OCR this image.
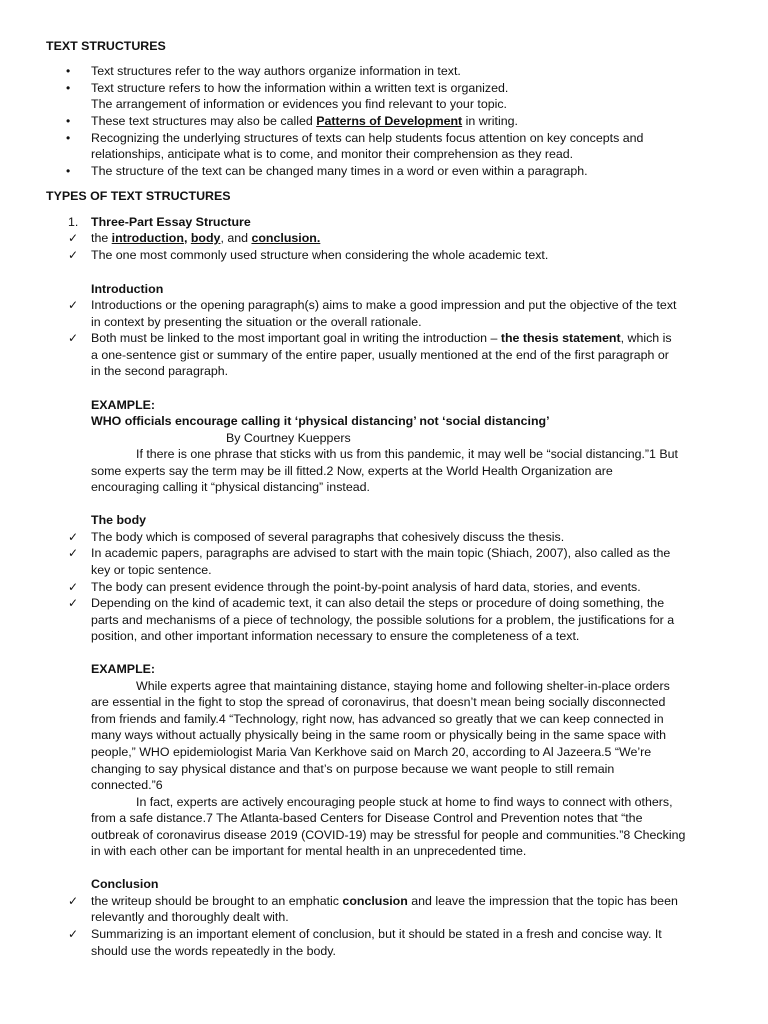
TEXT STRUCTURES
• Text structures refer to the way authors organize information in text.
• Text structure refers to how the information within a written text is organized.
The arrangement of information or evidences you find relevant to your topic.
• These text structures may also be called Patterns of Development in writing.
• Recognizing the underlying structures of texts can help students focus attention on key concepts and
relationships, anticipate what is to come, and monitor their comprehension as they read.
• The structure of the text can be changed many times in a word or even within a paragraph.
TYPES OF TEXT STRUCTURES
1. Three-Part Essay Structure
✓ the introduction, body, and conclusion.
✓ The one most commonly used structure when considering the whole academic text.
Introduction
✓ Introductions or the opening paragraph(s) aims to make a good impression and put the objective of the text
in context by presenting the situation or the overall rationale.
✓ Both must be linked to the most important goal in writing the introduction – the thesis statement, which is
a one-sentence gist or summary of the entire paper, usually mentioned at the end of the first paragraph or
in the second paragraph.
EXAMPLE:
WHO officials encourage calling it ‘physical distancing’ not ‘social distancing’
By Courtney Kueppers
If there is one phrase that sticks with us from this pandemic, it may well be “social distancing.”1 But
some experts say the term may be ill fitted.2 Now, experts at the World Health Organization are
encouraging calling it “physical distancing” instead.
The body
✓ The body which is composed of several paragraphs that cohesively discuss the thesis.
✓ In academic papers, paragraphs are advised to start with the main topic (Shiach, 2007), also called as the
key or topic sentence.
✓ The body can present evidence through the point-by-point analysis of hard data, stories, and events.
✓ Depending on the kind of academic text, it can also detail the steps or procedure of doing something, the
parts and mechanisms of a piece of technology, the possible solutions for a problem, the justifications for a
position, and other important information necessary to ensure the completeness of a text.
EXAMPLE:
While experts agree that maintaining distance, staying home and following shelter-in-place orders
are essential in the fight to stop the spread of coronavirus, that doesn’t mean being socially disconnected
from friends and family.4 “Technology, right now, has advanced so greatly that we can keep connected in
many ways without actually physically being in the same room or physically being in the same space with
people,” WHO epidemiologist Maria Van Kerkhove said on March 20, according to Al Jazeera.5 “We’re
changing to say physical distance and that’s on purpose because we want people to still remain
connected.”6
In fact, experts are actively encouraging people stuck at home to find ways to connect with others,
from a safe distance.7 The Atlanta-based Centers for Disease Control and Prevention notes that “the
outbreak of coronavirus disease 2019 (COVID-19) may be stressful for people and communities.”8 Checking
in with each other can be important for mental health in an unprecedented time.
Conclusion
✓ the writeup should be brought to an emphatic conclusion and leave the impression that the topic has been
relevantly and thoroughly dealt with.
✓ Summarizing is an important element of conclusion, but it should be stated in a fresh and concise way. It
should use the words repeatedly in the body.
